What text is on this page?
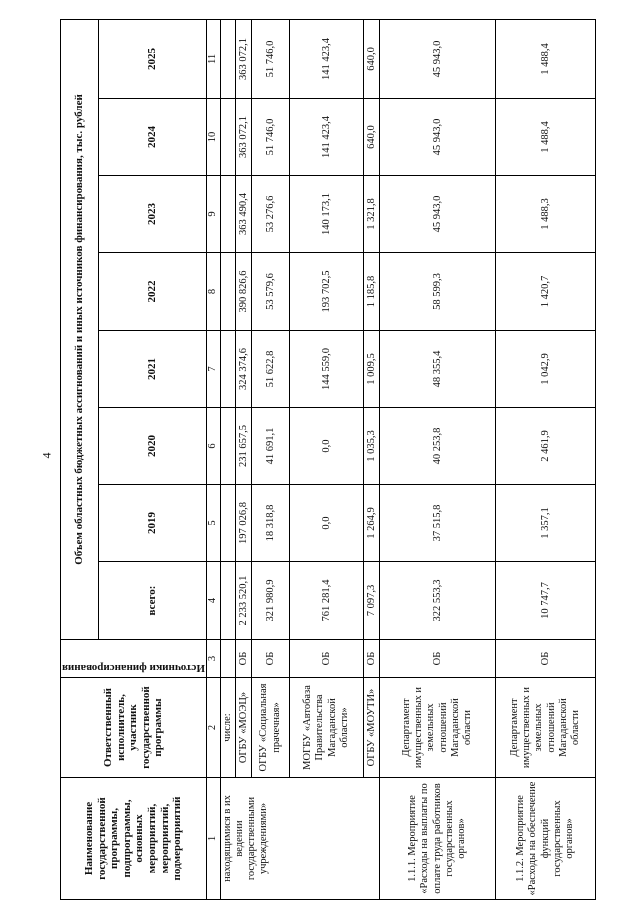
4
Наименование государственной программы, подпрограммы, основных мероприятий, мероприятий, подмероприятий	Ответственный исполнитель, участник государственной программы	Источники финансирования	Объем областных бюджетных ассигнований и иных источников финансирования, тыс. рублей							
			всего:	2019	2020	2021	2022	2023	2024	2025
1	2	3	4	5	6	7	8	9	10	11
находящимися в их ведении государственными учреждениями»	числе:									
	ОГБУ «МОЭЦ»	ОБ	2 233 520,1	197 026,8	231 657,5	324 374,6	390 826,6	363 490,4	363 072,1	363 072,1
	ОГБУ «Социальная прачечная»	ОБ	321 980,9	18 318,8	41 691,1	51 622,8	53 579,6	53 276,6	51 746,0	51 746,0
	МОГБУ «Автобаза Правительства Магаданской области»	ОБ	761 281,4	0,0	0,0	144 559,0	193 702,5	140 173,1	141 423,4	141 423,4
	ОГБУ «МОУТИ»	ОБ	7 097,3	1 264,9	1 035,3	1 009,5	1 185,8	1 321,8	640,0	640,0
1.1.1. Мероприятие «Расходы на выплаты по оплате труда работников государственных органов»	Департамент имущественных и земельных отношений Магаданской области	ОБ	322 553,3	37 515,8	40 253,8	48 355,4	58 599,3	45 943,0	45 943,0	45 943,0
1.1.2. Мероприятие «Расходы на обеспечение функций государственных органов»	Департамент имущественных и земельных отношений Магаданской области	ОБ	10 747,7	1 357,1	2 461,9	1 042,9	1 420,7	1 488,3	1 488,4	1 488,4
